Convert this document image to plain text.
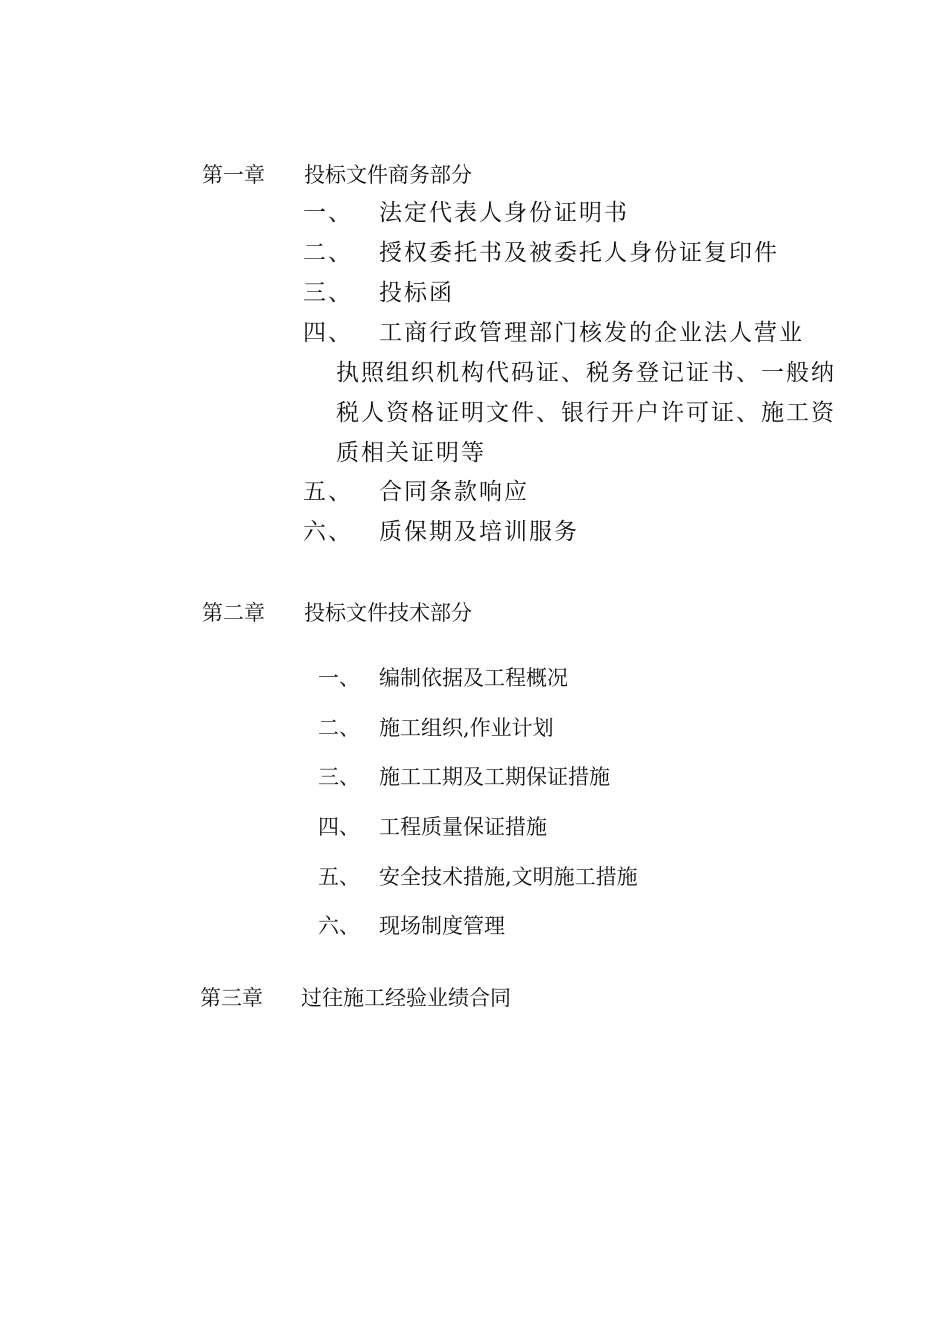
第一章 投标文件商务部分
一、 法定代表人身份证明书
二、 授权委托书及被委托人身份证复印件
三、 投标函
四、 工商行政管理部门核发的企业法人营业
执照组织机构代码证、税务登记证书、一般纳
税人资格证明文件、银行开户许可证、施工资
质相关证明等
五、 合同条款响应
六、 质保期及培训服务
第二章 投标文件技术部分
一、 编制依据及工程概况
二、 施工组织,作业计划
三、 施工工期及工期保证措施
四、 工程质量保证措施
五、 安全技术措施,文明施工措施
六、 现场制度管理
第三章 过往施工经验业绩合同
